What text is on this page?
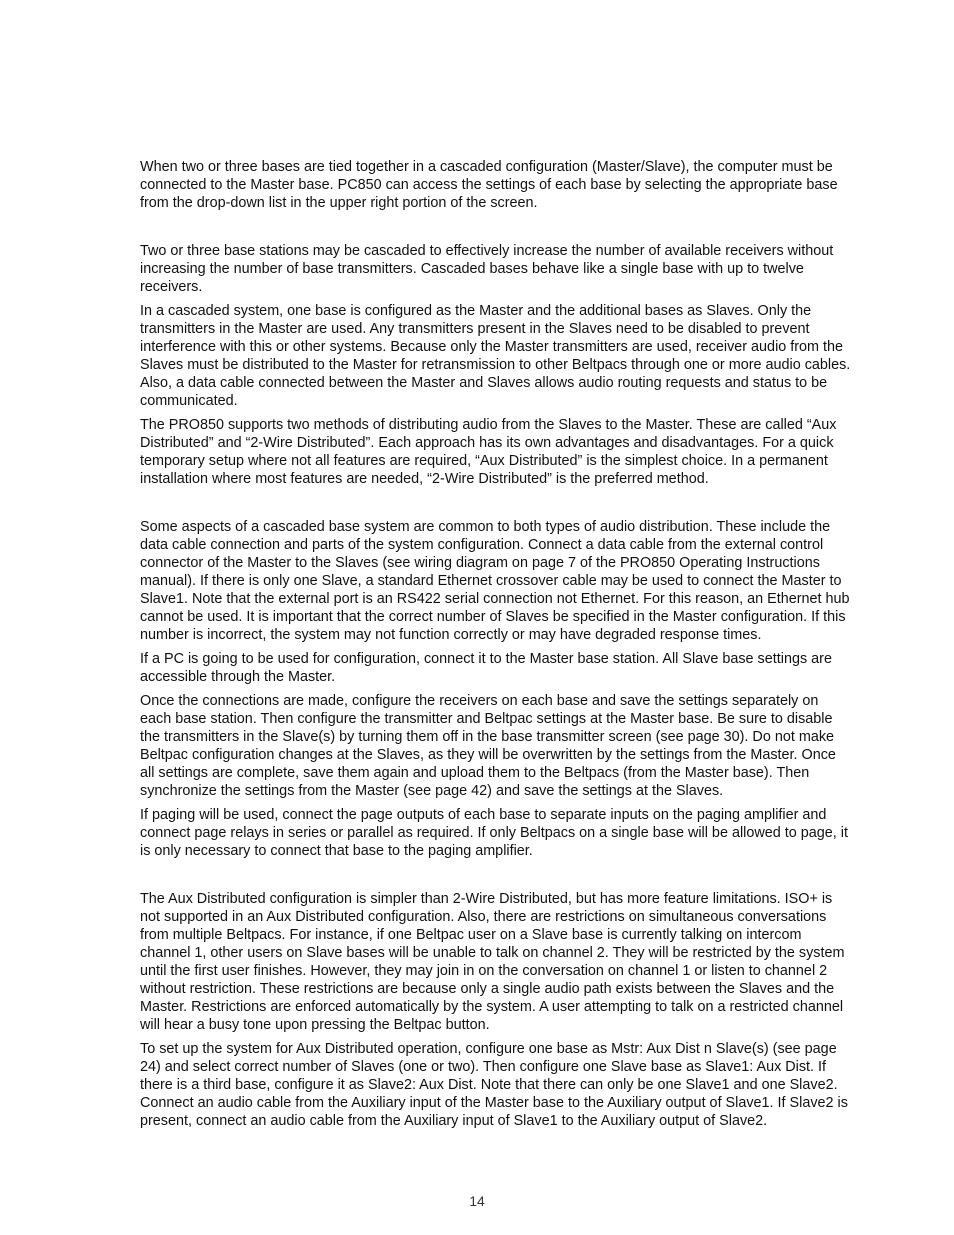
When two or three bases are tied together in a cascaded configuration (Master/Slave), the computer must be connected to the Master base. PC850 can access the settings of each base by selecting the appropriate base from the drop-down list in the upper right portion of the screen.

Two or three base stations may be cascaded to effectively increase the number of available receivers without increasing the number of base transmitters. Cascaded bases behave like a single base with up to twelve receivers.

In a cascaded system, one base is configured as the Master and the additional bases as Slaves. Only the transmitters in the Master are used. Any transmitters present in the Slaves need to be disabled to prevent interference with this or other systems. Because only the Master transmitters are used, receiver audio from the Slaves must be distributed to the Master for retransmission to other Beltpacs through one or more audio cables. Also, a data cable connected between the Master and Slaves allows audio routing requests and status to be communicated.

The PRO850 supports two methods of distributing audio from the Slaves to the Master. These are called “Aux Distributed” and “2-Wire Distributed”. Each approach has its own advantages and disadvantages. For a quick temporary setup where not all features are required, “Aux Distributed” is the simplest choice. In a permanent installation where most features are needed, “2-Wire Distributed” is the preferred method.

Some aspects of a cascaded base system are common to both types of audio distribution. These include the data cable connection and parts of the system configuration. Connect a data cable from the external control connector of the Master to the Slaves (see wiring diagram on page 7 of the PRO850 Operating Instructions manual). If there is only one Slave, a standard Ethernet crossover cable may be used to connect the Master to Slave1. Note that the external port is an RS422 serial connection not Ethernet. For this reason, an Ethernet hub cannot be used. It is important that the correct number of Slaves be specified in the Master configuration. If this number is incorrect, the system may not function correctly or may have degraded response times.

If a PC is going to be used for configuration, connect it to the Master base station. All Slave base settings are accessible through the Master.

Once the connections are made, configure the receivers on each base and save the settings separately on each base station. Then configure the transmitter and Beltpac settings at the Master base. Be sure to disable the transmitters in the Slave(s) by turning them off in the base transmitter screen (see page 30). Do not make Beltpac configuration changes at the Slaves, as they will be overwritten by the settings from the Master. Once all settings are complete, save them again and upload them to the Beltpacs (from the Master base). Then synchronize the settings from the Master (see page 42) and save the settings at the Slaves.

If paging will be used, connect the page outputs of each base to separate inputs on the paging amplifier and connect page relays in series or parallel as required. If only Beltpacs on a single base will be allowed to page, it is only necessary to connect that base to the paging amplifier.

The Aux Distributed configuration is simpler than 2-Wire Distributed, but has more feature limitations. ISO+ is not supported in an Aux Distributed configuration. Also, there are restrictions on simultaneous conversations from multiple Beltpacs. For instance, if one Beltpac user on a Slave base is currently talking on intercom channel 1, other users on Slave bases will be unable to talk on channel 2. They will be restricted by the system until the first user finishes. However, they may join in on the conversation on channel 1 or listen to channel 2 without restriction. These restrictions are because only a single audio path exists between the Slaves and the Master. Restrictions are enforced automatically by the system. A user attempting to talk on a restricted channel will hear a busy tone upon pressing the Beltpac button.

To set up the system for Aux Distributed operation, configure one base as Mstr: Aux Dist n Slave(s) (see page 24) and select correct number of Slaves (one or two). Then configure one Slave base as Slave1: Aux Dist. If there is a third base, configure it as Slave2: Aux Dist. Note that there can only be one Slave1 and one Slave2. Connect an audio cable from the Auxiliary input of the Master base to the Auxiliary output of Slave1. If Slave2 is present, connect an audio cable from the Auxiliary input of Slave1 to the Auxiliary output of Slave2.

14
